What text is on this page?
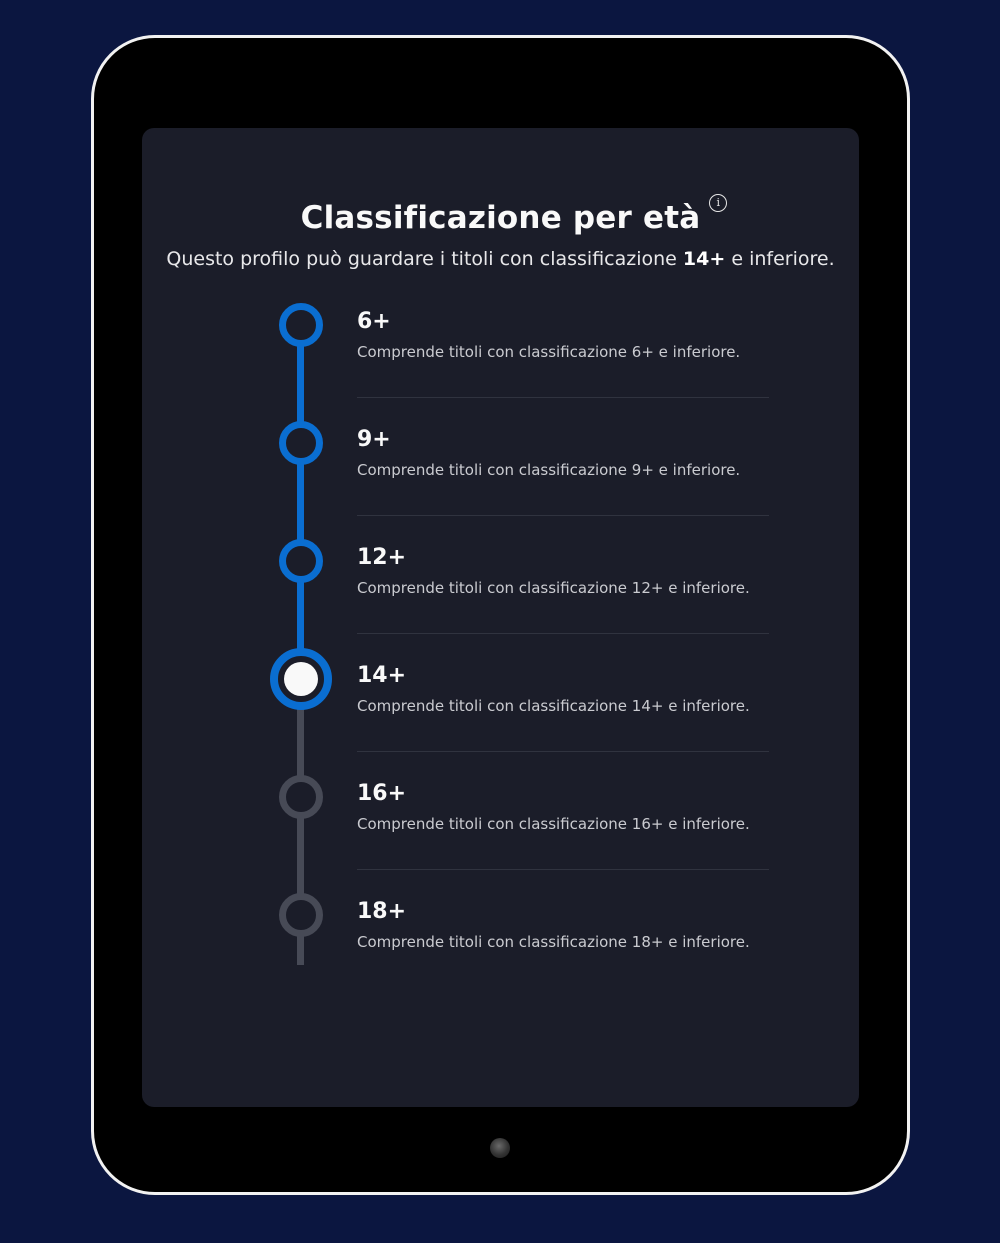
Classificazione per età	i
Questo profilo può guardare i titoli con classificazione 14+ e inferiore.
6+
Comprende titoli con classificazione 6+ e inferiore.
9+
Comprende titoli con classificazione 9+ e inferiore.
12+
Comprende titoli con classificazione 12+ e inferiore.
14+
Comprende titoli con classificazione 14+ e inferiore.
16+
Comprende titoli con classificazione 16+ e inferiore.
18+
Comprende titoli con classificazione 18+ e inferiore.
